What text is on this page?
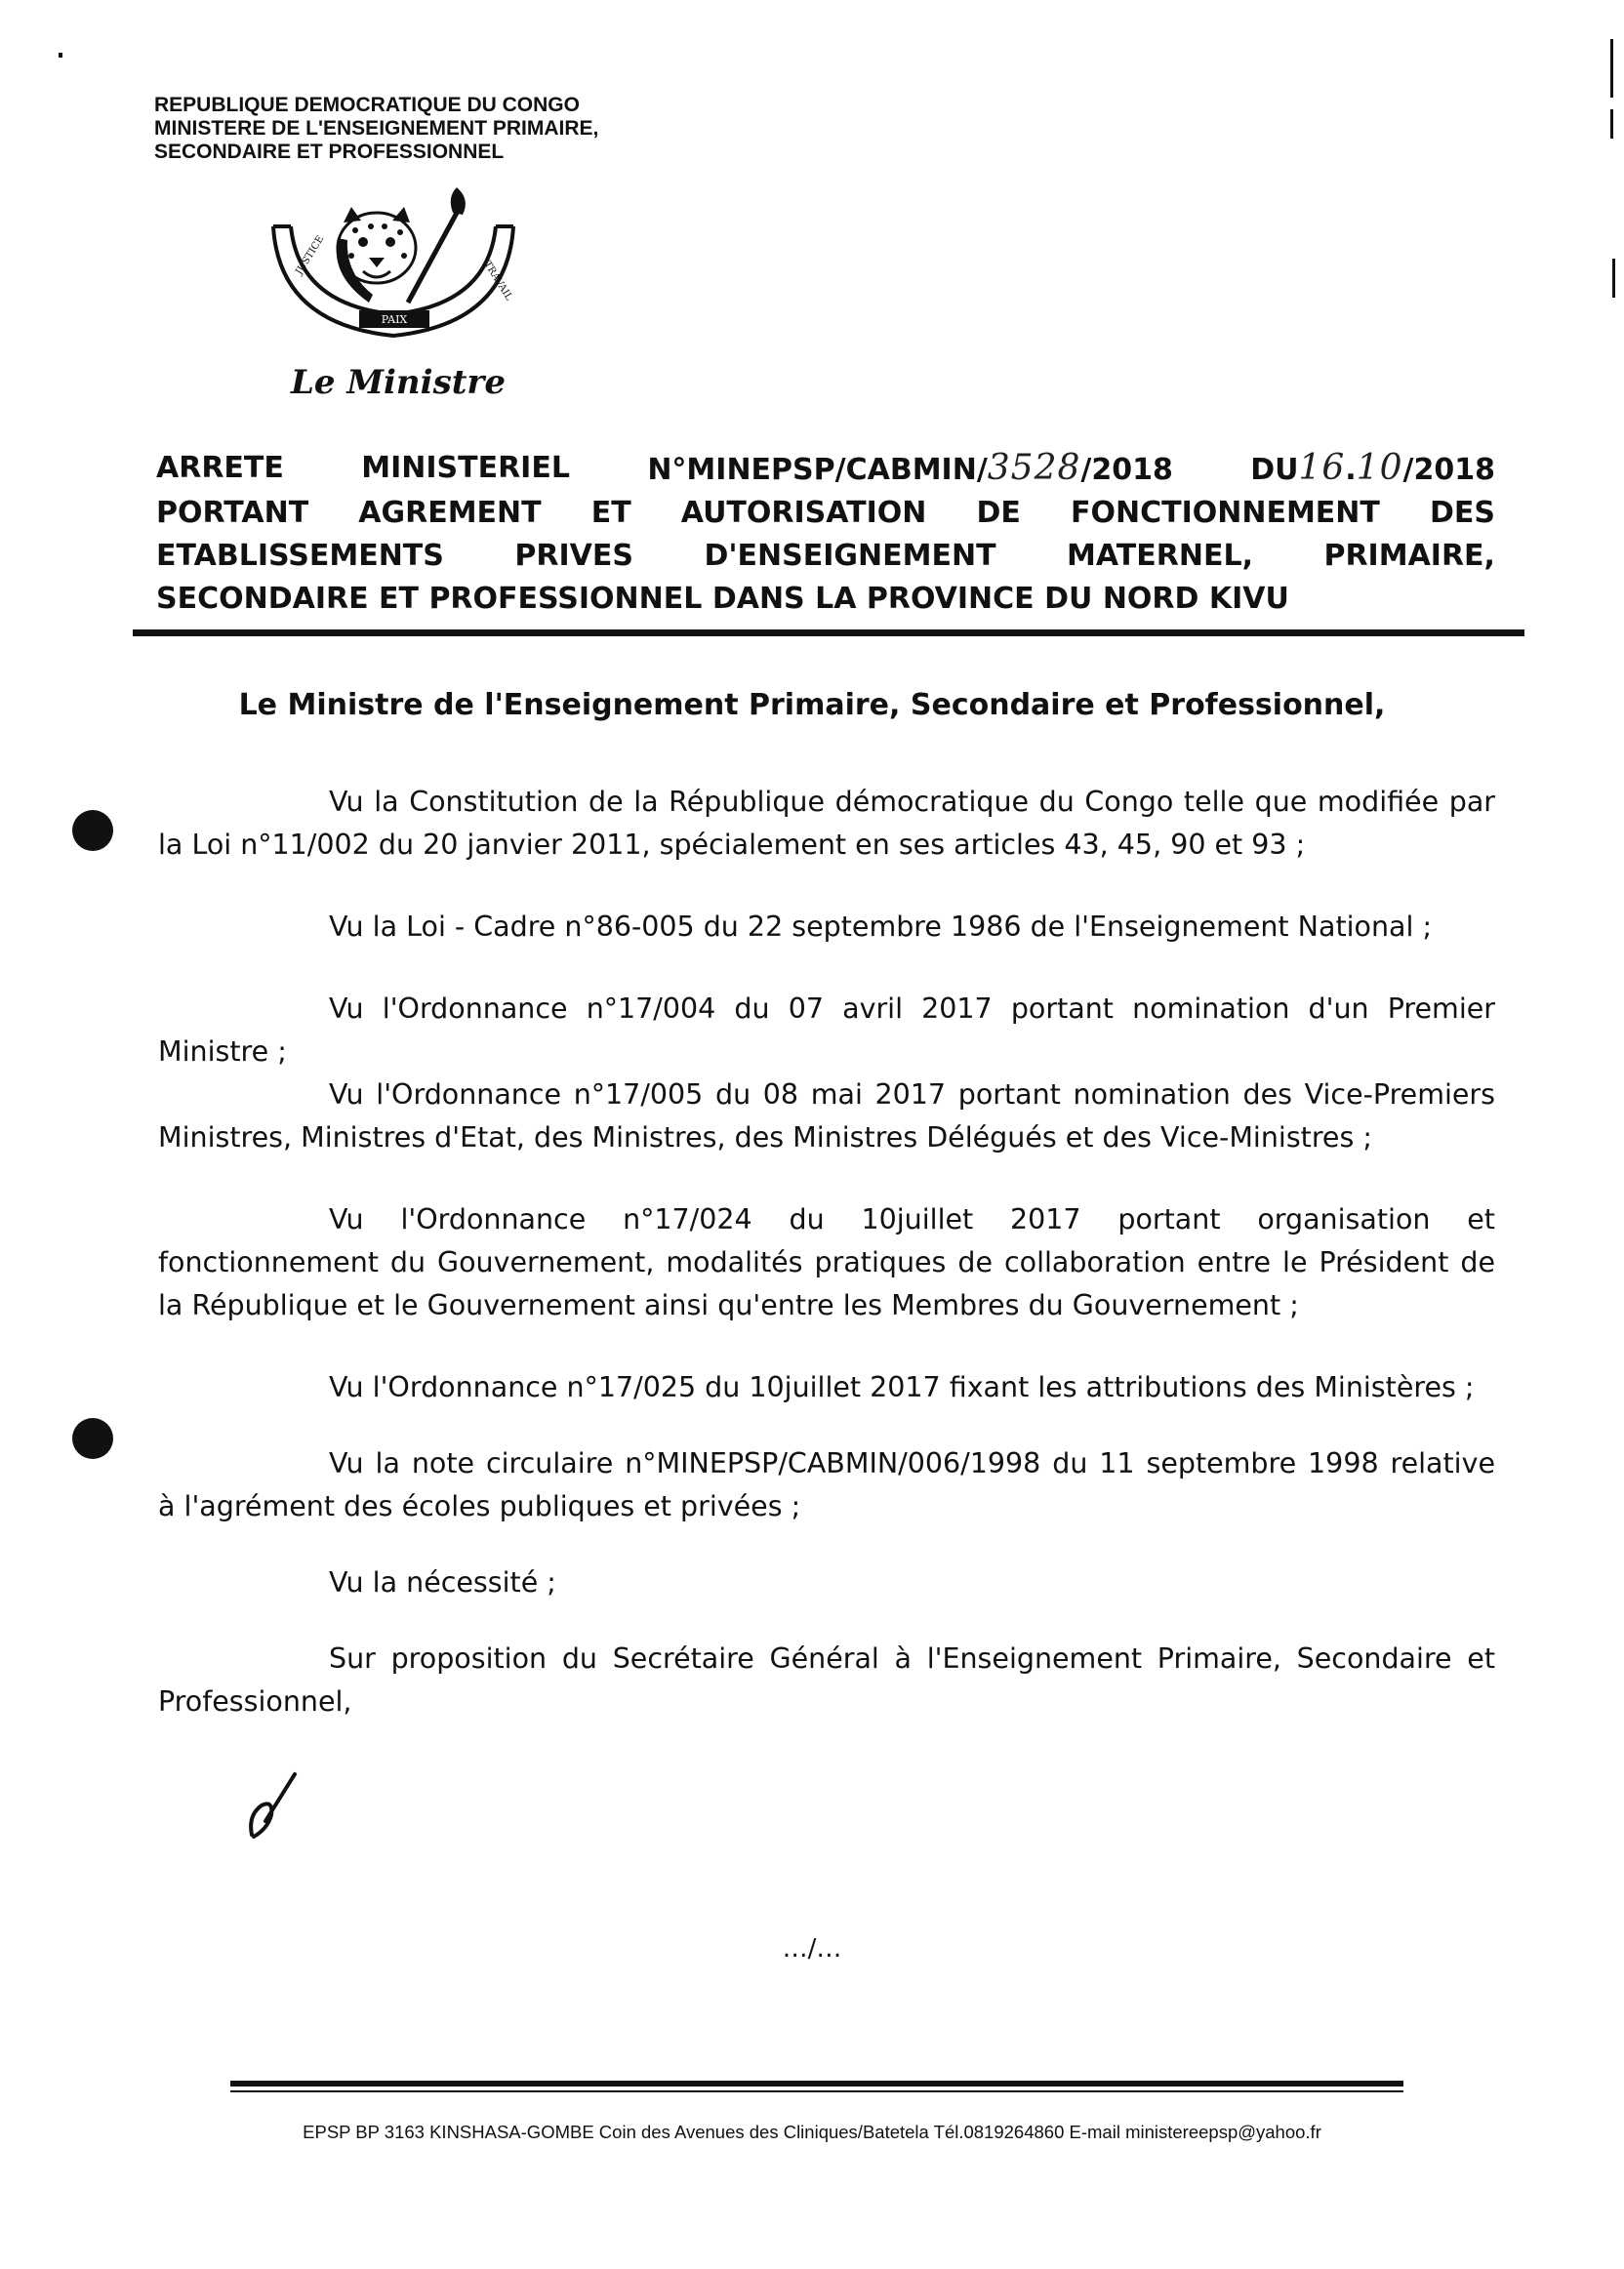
REPUBLIQUE DEMOCRATIQUE DU CONGO
MINISTERE DE L'ENSEIGNEMENT PRIMAIRE,
SECONDAIRE ET PROFESSIONNEL
PAIX
JUSTICE
TRAVAIL
Le Ministre
ARRETE	MINISTERIEL	N°MINEPSP/CABMIN/3528/2018	DU16.10/2018
PORTANT AGREMENT ET AUTORISATION DE FONCTIONNEMENT DES
ETABLISSEMENTS PRIVES D'ENSEIGNEMENT MATERNEL, PRIMAIRE,
SECONDAIRE ET PROFESSIONNEL DANS LA PROVINCE DU NORD KIVU
Le Ministre de l'Enseignement Primaire, Secondaire et Professionnel,

Vu la Constitution de la République démocratique du Congo telle que modifiée par la Loi n°11/002 du 20 janvier 2011, spécialement en ses articles 43, 45, 90 et 93 ;

Vu la Loi - Cadre n°86-005 du 22 septembre 1986 de l'Enseignement National ;

Vu l'Ordonnance n°17/004 du 07 avril 2017 portant nomination d'un Premier Ministre ;

Vu l'Ordonnance n°17/005 du 08 mai 2017 portant nomination des Vice-Premiers Ministres, Ministres d'Etat, des Ministres, des Ministres Délégués et des Vice-Ministres ;

Vu l'Ordonnance n°17/024 du 10juillet 2017 portant organisation et fonctionnement du Gouvernement, modalités pratiques de collaboration entre le Président de la République et le Gouvernement ainsi qu'entre les Membres du Gouvernement ;

Vu l'Ordonnance n°17/025 du 10juillet 2017 fixant les attributions des Ministères ;

Vu la note circulaire n°MINEPSP/CABMIN/006/1998 du 11 septembre 1998 relative à l'agrément des écoles publiques et privées ;

Vu la nécessité ;

Sur proposition du Secrétaire Général à l'Enseignement Primaire, Secondaire et Professionnel,

…/…
EPSP BP 3163 KINSHASA-GOMBE Coin des Avenues des Cliniques/Batetela Tél.0819264860 E-mail ministereepsp@yahoo.fr
